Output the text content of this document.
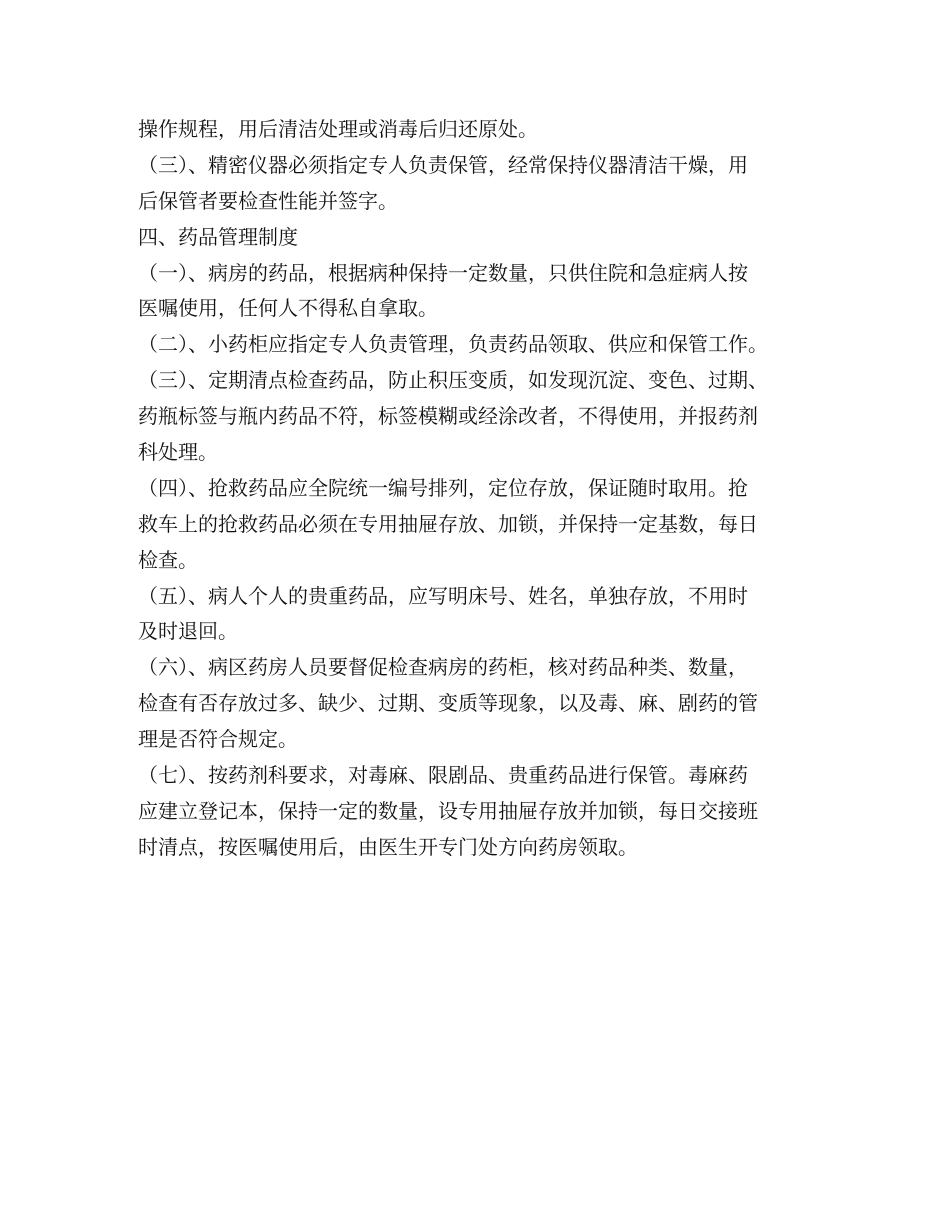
操作规程，用后清洁处理或消毒后归还原处。

（三）、精密仪器必须指定专人负责保管，经常保持仪器清洁干燥，用

后保管者要检查性能并签字。

四、药品管理制度

（一）、病房的药品，根据病种保持一定数量，只供住院和急症病人按

医嘱使用，任何人不得私自拿取。

（二）、小药柜应指定专人负责管理，负责药品领取、供应和保管工作。

（三）、定期清点检查药品，防止积压变质，如发现沉淀、变色、过期、

药瓶标签与瓶内药品不符，标签模糊或经涂改者，不得使用，并报药剂

科处理。

（四）、抢救药品应全院统一编号排列，定位存放，保证随时取用。抢

救车上的抢救药品必须在专用抽屉存放、加锁，并保持一定基数，每日

检查。

（五）、病人个人的贵重药品，应写明床号、姓名，单独存放，不用时

及时退回。

（六）、病区药房人员要督促检查病房的药柜，核对药品种类、数量，

检查有否存放过多、缺少、过期、变质等现象，以及毒、麻、剧药的管

理是否符合规定。

（七）、按药剂科要求，对毒麻、限剧品、贵重药品进行保管。毒麻药

应建立登记本，保持一定的数量，设专用抽屉存放并加锁，每日交接班

时清点，按医嘱使用后，由医生开专门处方向药房领取。
